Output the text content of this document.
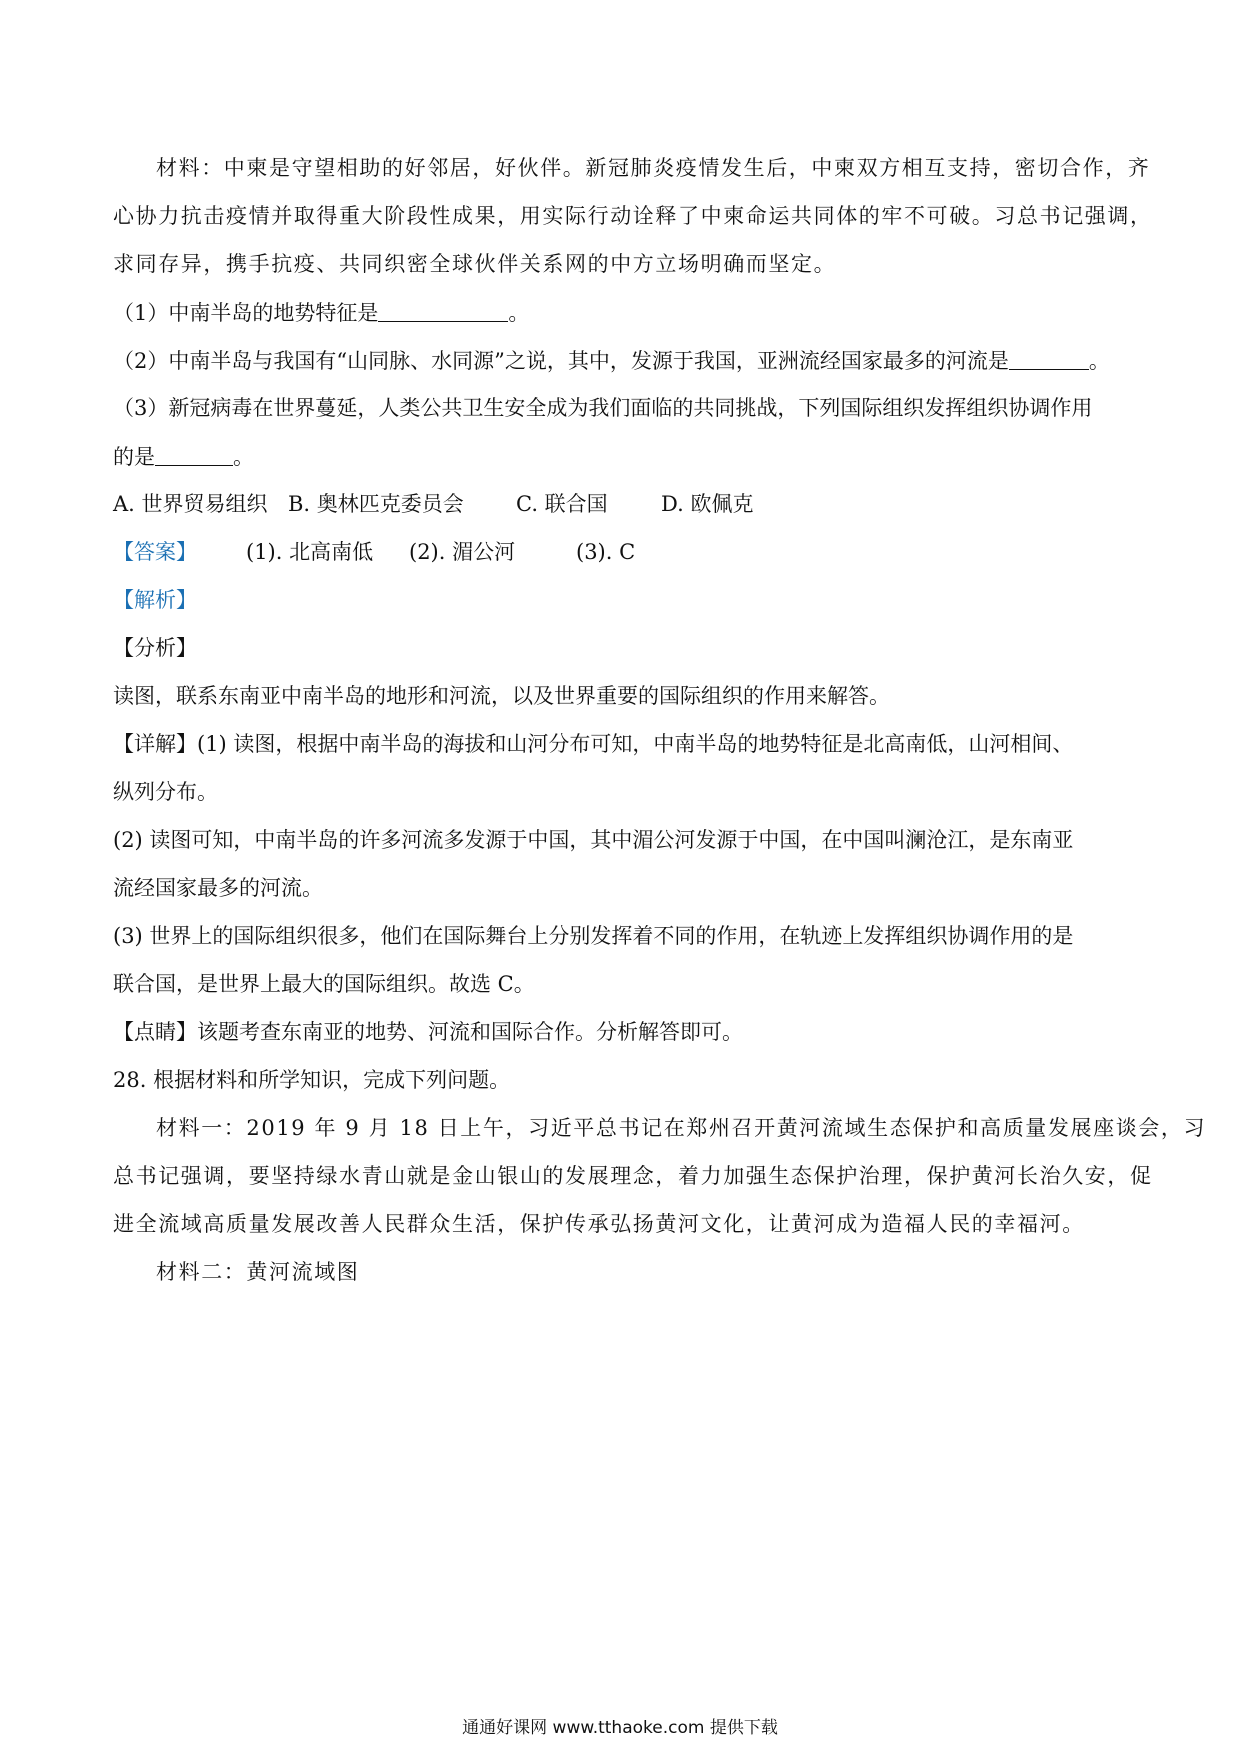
材料：中柬是守望相助的好邻居，好伙伴。新冠肺炎疫情发生后，中柬双方相互支持，密切合作，齐
心协力抗击疫情并取得重大阶段性成果，用实际行动诠释了中柬命运共同体的牢不可破。习总书记强调，
求同存异，携手抗疫、共同织密全球伙伴关系网的中方立场明确而坚定。
（1）中南半岛的地势特征是	。
（2）中南半岛与我国有“山同脉、水同源”之说，其中，发源于我国，亚洲流经国家最多的河流是	。
（3）新冠病毒在世界蔓延，人类公共卫生安全成为我们面临的共同挑战，下列国际组织发挥组织协调作用
的是	。
A. 世界贸易组织 B. 奥林匹克委员会 C. 联合国	D. 欧佩克
【答案】 (1). 北高南低 (2). 湄公河	(3). C
【解析】
【分析】
读图，联系东南亚中南半岛的地形和河流，以及世界重要的国际组织的作用来解答。
【详解】(1) 读图，根据中南半岛的海拔和山河分布可知，中南半岛的地势特征是北高南低，山河相间、
纵列分布。
(2) 读图可知，中南半岛的许多河流多发源于中国，其中湄公河发源于中国，在中国叫澜沧江，是东南亚
流经国家最多的河流。
(3) 世界上的国际组织很多，他们在国际舞台上分别发挥着不同的作用，在轨迹上发挥组织协调作用的是
联合国，是世界上最大的国际组织。故选 C。
【点睛】该题考查东南亚的地势、河流和国际合作。分析解答即可。
28. 根据材料和所学知识，完成下列问题。
材料一：2019 年 9 月 18 日上午，习近平总书记在郑州召开黄河流域生态保护和高质量发展座谈会，习
总书记强调，要坚持绿水青山就是金山银山的发展理念，着力加强生态保护治理，保护黄河长治久安，促
进全流域高质量发展改善人民群众生活，保护传承弘扬黄河文化，让黄河成为造福人民的幸福河。
材料二：黄河流域图
通通好课网 www.tthaoke.com 提供下载
